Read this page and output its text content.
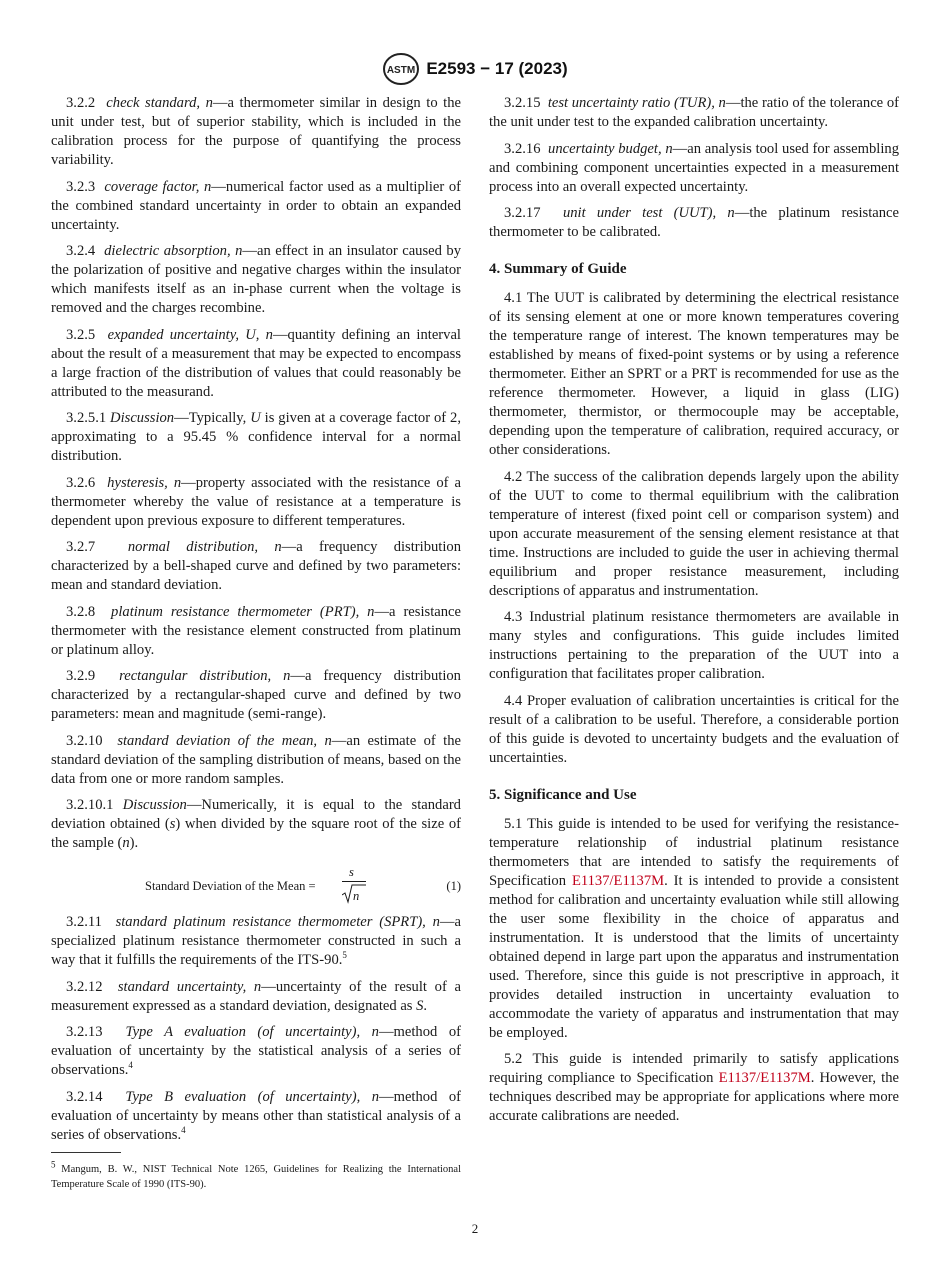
ASTM E2593 − 17 (2023)

3.2.2 check standard, n—a thermometer similar in design to the unit under test, but of superior stability, which is included in the calibration process for the purpose of quantifying the process variability.

3.2.3 coverage factor, n—numerical factor used as a multiplier of the combined standard uncertainty in order to obtain an expanded uncertainty.

3.2.4 dielectric absorption, n—an effect in an insulator caused by the polarization of positive and negative charges within the insulator which manifests itself as an in-phase current when the voltage is removed and the charges recombine.

3.2.5 expanded uncertainty, U, n—quantity defining an interval about the result of a measurement that may be expected to encompass a large fraction of the distribution of values that could reasonably be attributed to the measurand.

3.2.5.1 Discussion—Typically, U is given at a coverage factor of 2, approximating to a 95.45 % confidence interval for a normal distribution.

3.2.6 hysteresis, n—property associated with the resistance of a thermometer whereby the value of resistance at a temperature is dependent upon previous exposure to different temperatures.

3.2.7 normal distribution, n—a frequency distribution characterized by a bell-shaped curve and defined by two parameters: mean and standard deviation.

3.2.8 platinum resistance thermometer (PRT), n—a resistance thermometer with the resistance element constructed from platinum or platinum alloy.

3.2.9 rectangular distribution, n—a frequency distribution characterized by a rectangular-shaped curve and defined by two parameters: mean and magnitude (semi-range).

3.2.10 standard deviation of the mean, n—an estimate of the standard deviation of the sampling distribution of means, based on the data from one or more random samples.

3.2.10.1 Discussion—Numerically, it is equal to the standard deviation obtained (s) when divided by the square root of the size of the sample (n).

Standard Deviation of the Mean =
s
n
(1)

3.2.11 standard platinum resistance thermometer (SPRT), n—a specialized platinum resistance thermometer constructed in such a way that it fulfills the requirements of the ITS-90.$^5$

3.2.12 standard uncertainty, n—uncertainty of the result of a measurement expressed as a standard deviation, designated as S.

3.2.13 Type A evaluation (of uncertainty), n—method of evaluation of uncertainty by the statistical analysis of a series of observations.$^4$

3.2.14 Type B evaluation (of uncertainty), n—method of evaluation of uncertainty by means other than statistical analysis of a series of observations.$^4$

$^5$ Mangum, B. W., NIST Technical Note 1265, Guidelines for Realizing the International Temperature Scale of 1990 (ITS-90).

3.2.15 test uncertainty ratio (TUR), n—the ratio of the tolerance of the unit under test to the expanded calibration uncertainty.

3.2.16 uncertainty budget, n—an analysis tool used for assembling and combining component uncertainties expected in a measurement process into an overall expected uncertainty.

3.2.17 unit under test (UUT), n—the platinum resistance thermometer to be calibrated.

4. Summary of Guide

4.1 The UUT is calibrated by determining the electrical resistance of its sensing element at one or more known temperatures covering the temperature range of interest. The known temperatures may be established by means of fixed-point systems or by using a reference thermometer. Either an SPRT or a PRT is recommended for use as the reference thermometer. However, a liquid in glass (LIG) thermometer, thermistor, or thermocouple may be acceptable, depending upon the temperature of calibration, required accuracy, or other considerations.

4.2 The success of the calibration depends largely upon the ability of the UUT to come to thermal equilibrium with the calibration temperature of interest (fixed point cell or comparison system) and upon accurate measurement of the sensing element resistance at that time. Instructions are included to guide the user in achieving thermal equilibrium and proper resistance measurement, including descriptions of apparatus and instrumentation.

4.3 Industrial platinum resistance thermometers are available in many styles and configurations. This guide includes limited instructions pertaining to the preparation of the UUT into a configuration that facilitates proper calibration.

4.4 Proper evaluation of calibration uncertainties is critical for the result of a calibration to be useful. Therefore, a considerable portion of this guide is devoted to uncertainty budgets and the evaluation of uncertainties.

5. Significance and Use

5.1 This guide is intended to be used for verifying the resistance-temperature relationship of industrial platinum resistance thermometers that are intended to satisfy the requirements of Specification E1137/E1137M. It is intended to provide a consistent method for calibration and uncertainty evaluation while still allowing the user some flexibility in the choice of apparatus and instrumentation. It is understood that the limits of uncertainty obtained depend in large part upon the apparatus and instrumentation used. Therefore, since this guide is not prescriptive in approach, it provides detailed instruction in uncertainty evaluation to accommodate the variety of apparatus and instrumentation that may be employed.

5.2 This guide is intended primarily to satisfy applications requiring compliance to Specification E1137/E1137M. However, the techniques described may be appropriate for applications where more accurate calibrations are needed.

2
